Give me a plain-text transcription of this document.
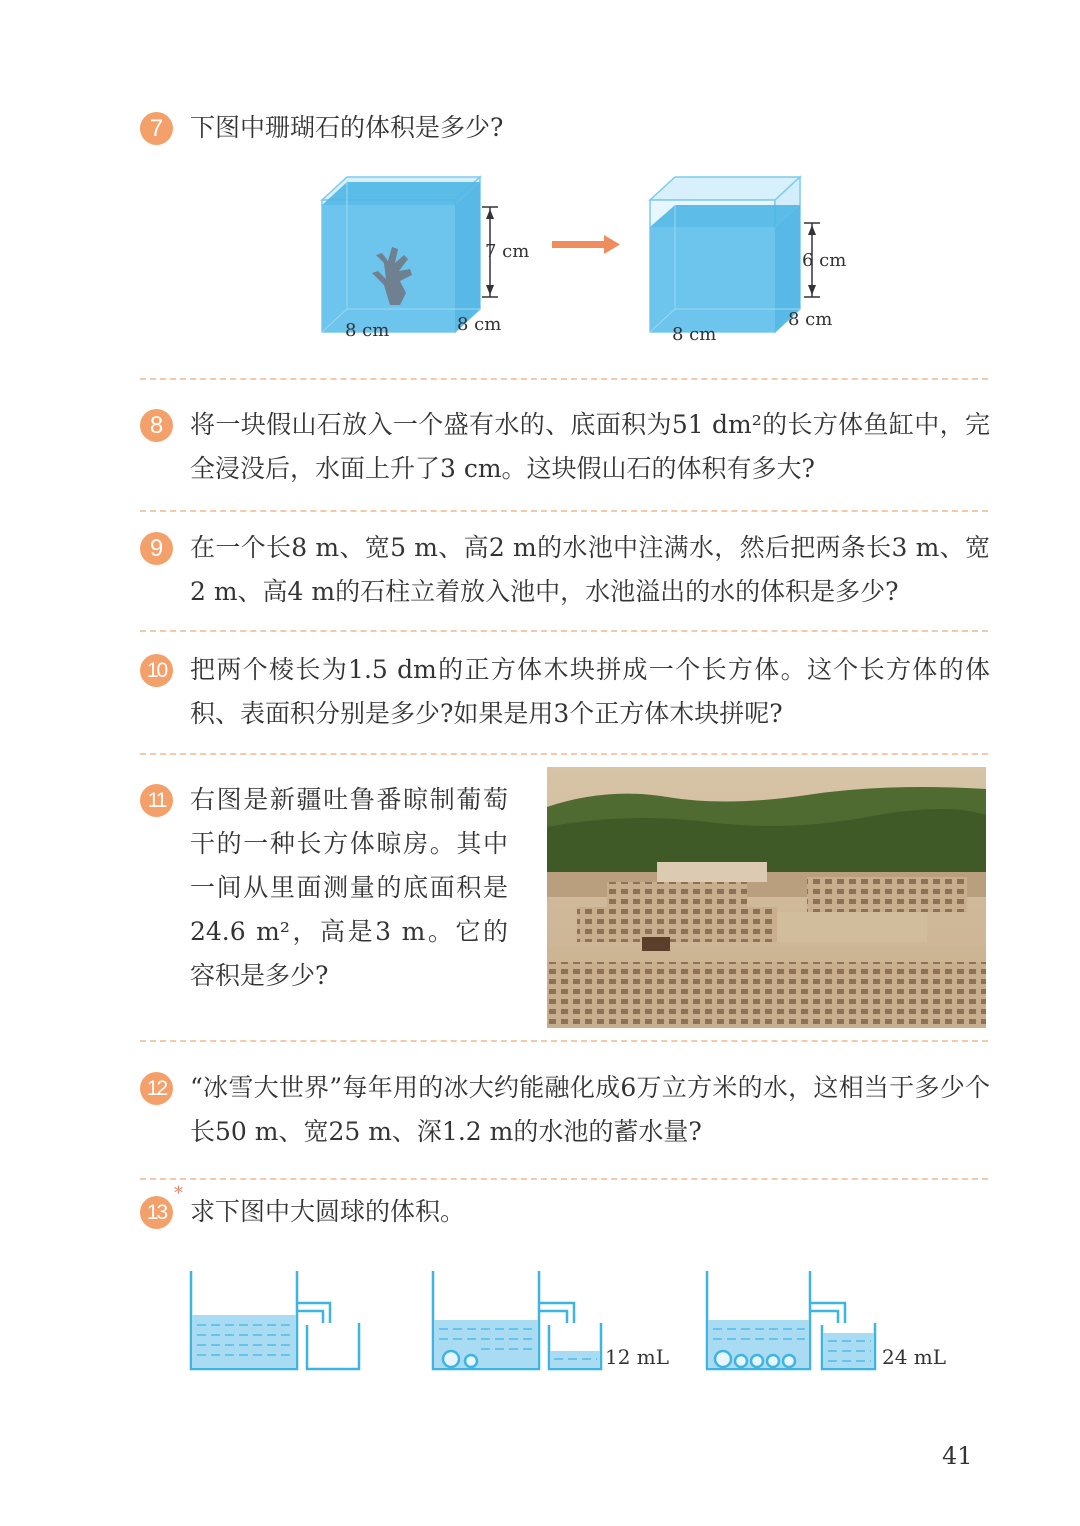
7	下图中珊瑚石的体积是多少?
7 cm
8 cm	8 cm
6 cm
8 cm
8 cm
8	将一块假山石放入一个盛有水的、底面积为51 dm²的长方体鱼缸中，完全浸没后，水面上升了3 cm。这块假山石的体积有多大?
9	在一个长8 m、宽5 m、高2 m的水池中注满水，然后把两条长3 m、宽2 m、高4 m的石柱立着放入池中，水池溢出的水的体积是多少?
10 把两个棱长为1.5 dm的正方体木块拼成一个长方体。这个长方体的体积、表面积分别是多少?如果是用3个正方体木块拼呢?
11 右图是新疆吐鲁番晾制葡萄干的一种长方体晾房。其中一间从里面测量的底面积是24.6 m²，高是3 m。它的容积是多少?
12 “冰雪大世界”每年用的冰大约能融化成6万立方米的水，这相当于多少个长50 m、宽25 m、深1.2 m的水池的蓄水量?
13 求下图中大圆球的体积。
*
12 mL	24 mL
41
